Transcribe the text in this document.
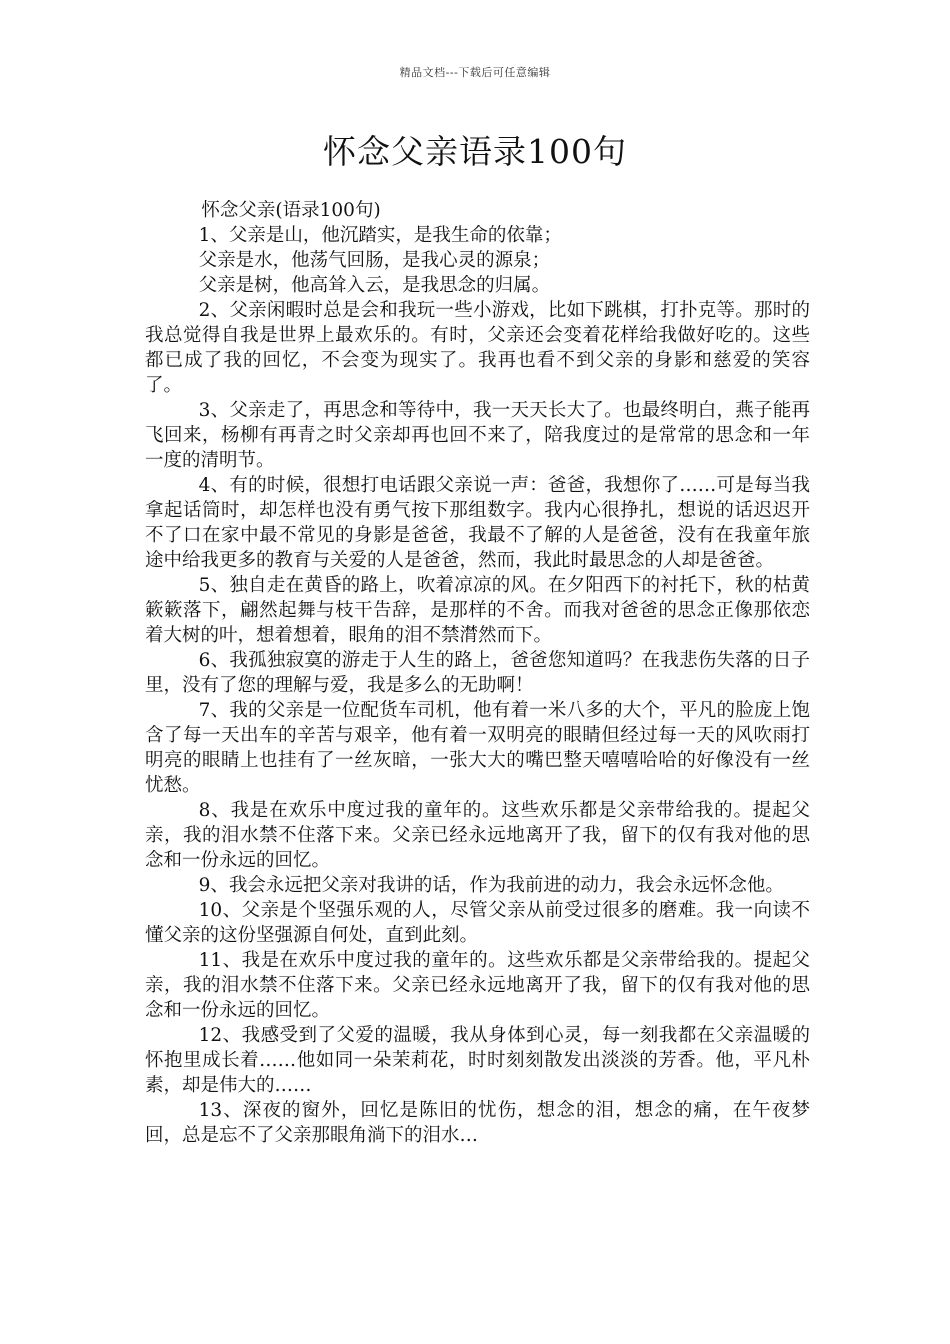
精品文档---下载后可任意编辑
怀念父亲语录100句

怀念父亲(语录100句)

1、父亲是山，他沉踏实，是我生命的依靠；

父亲是水，他荡气回肠，是我心灵的源泉；

父亲是树，他高耸入云，是我思念的归属。

2、父亲闲暇时总是会和我玩一些小游戏，比如下跳棋，打扑克等。那时的我总觉得自我是世界上最欢乐的。有时，父亲还会变着花样给我做好吃的。这些都已成了我的回忆，不会变为现实了。我再也看不到父亲的身影和慈爱的笑容了。

3、父亲走了，再思念和等待中，我一天天长大了。也最终明白，燕子能再飞回来，杨柳有再青之时父亲却再也回不来了，陪我度过的是常常的思念和一年一度的清明节。

4、有的时候，很想打电话跟父亲说一声：爸爸，我想你了……可是每当我拿起话筒时，却怎样也没有勇气按下那组数字。我内心很挣扎，想说的话迟迟开不了口在家中最不常见的身影是爸爸，我最不了解的人是爸爸，没有在我童年旅途中给我更多的教育与关爱的人是爸爸，然而，我此时最思念的人却是爸爸。

5、独自走在黄昏的路上，吹着凉凉的风。在夕阳西下的衬托下，秋的枯黄簌簌落下，翩然起舞与枝干告辞，是那样的不舍。而我对爸爸的思念正像那依恋着大树的叶，想着想着，眼角的泪不禁潸然而下。

6、我孤独寂寞的游走于人生的路上，爸爸您知道吗？在我悲伤失落的日子里，没有了您的理解与爱，我是多么的无助啊！

7、我的父亲是一位配货车司机，他有着一米八多的大个，平凡的脸庞上饱含了每一天出车的辛苦与艰辛，他有着一双明亮的眼睛但经过每一天的风吹雨打明亮的眼睛上也挂有了一丝灰暗，一张大大的嘴巴整天嘻嘻哈哈的好像没有一丝忧愁。

8、我是在欢乐中度过我的童年的。这些欢乐都是父亲带给我的。提起父亲，我的泪水禁不住落下来。父亲已经永远地离开了我，留下的仅有我对他的思念和一份永远的回忆。

9、我会永远把父亲对我讲的话，作为我前进的动力，我会永远怀念他。

10、父亲是个坚强乐观的人，尽管父亲从前受过很多的磨难。我一向读不懂父亲的这份坚强源自何处，直到此刻。

11、我是在欢乐中度过我的童年的。这些欢乐都是父亲带给我的。提起父亲，我的泪水禁不住落下来。父亲已经永远地离开了我，留下的仅有我对他的思念和一份永远的回忆。

12、我感受到了父爱的温暖，我从身体到心灵，每一刻我都在父亲温暖的怀抱里成长着……他如同一朵茉莉花，时时刻刻散发出淡淡的芳香。他，平凡朴素，却是伟大的……

13、深夜的窗外，回忆是陈旧的忧伤，想念的泪，想念的痛，在午夜梦回，总是忘不了父亲那眼角淌下的泪水…
